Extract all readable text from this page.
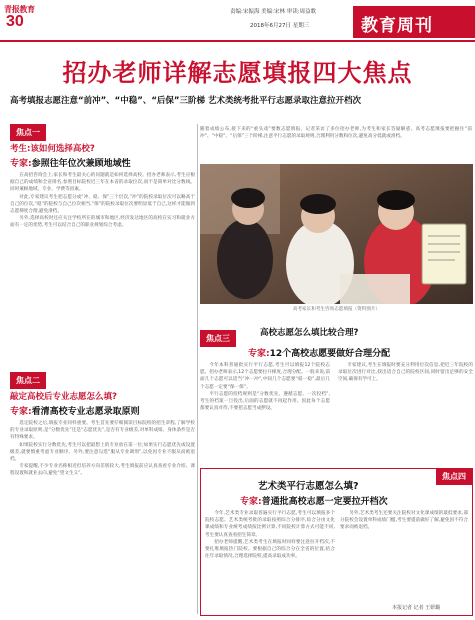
青报教育
30
责编:宋振海 美编:宋林 审读:周益歌
2018年6月27日 星期三	教育周刊
招办老师详解志愿填报四大焦点
高考填报志愿注意“前冲”、“中稳”、“后保”三阶梯 艺术类统考批平行志愿录取注意拉开档次
焦点一
考生:该如何选择高校?
专家:参照往年位次兼顾地域性

在高招咨询会上,家长和考生最关心的问题就是如何选择高校。招办老师表示,考生应根据自己的成绩和全省排名,参照目标院校近三年在本省的录取位次,而不是简单对比分数线。同时兼顾地域、专业、学费等因素。

对此,专家建议考生把志愿分成“冲、稳、保”三个层次,“冲”的院校录取位次可以略高于自己的位次,“稳”的院校与自己位次相当,“保”的院校录取位次要明显低于自己,这样才能做到志愿梯度合理,避免滑档。

另外,选择高校时还应关注学校所在的城市和地区,经济发达地区的高校在实习和就业方面有一定的优势,考生可以结合自己的职业规划综合考虑。

随着成绩公布,接下来的“重头戏”要数志愿填报。记者采访了多位招办老师,为考生和家长答疑解惑。高考志愿填报要把握住“前冲”、“中稳”、“后保”三个阶梯,注意平行志愿的录取规则,合理利用分数和位次,避免高分低就或滑档。
高考家长和考生咨询志愿填报（资料图片）
焦点二
敲定高校后专业志愿怎么填?
专家:看清高校专业志愿录取原则

选定院校之后,填报专业同样重要。考生首先要仔细阅读目标院校的招生章程,了解学校的专业录取原则,是“分数优先”还是“志愿优先”,是否有专业级差,对单科成绩、身体条件是否有特殊要求。

如果院校实行分数优先,考生可以把最想上的专业放在第一位;如果实行志愿优先或设置级差,就要慎重考虑专业顺序。另外,要注意勾选“服从专业调剂”,以免因专业不服从而被退档。

专家提醒,不少专业名称相近但培养方向差别较大,考生填报前应认真查看专业介绍、课程设置和就业去向,避免“望文生义”。

焦点三
高校志愿怎么填比较合理?
专家:12个高校志愿要做好合理分配

今年本科普通批实行平行志愿,考生可以填报12个院校志愿。招办老师表示,12个志愿要拉开梯度,合理分配。一般来说,前面几个志愿可以适当“冲一冲”,中间几个志愿要“稳一稳”,最后几个志愿一定要“保一保”。

平行志愿的投档规则是“分数优先、遵循志愿、一次投档”,考生的档案一旦投出,后面的志愿就不再起作用。因此每个志愿都要认真对待,不要把志愿当成摆设。

专家建议,考生在填报时要充分利用位次信息,把近三年院校的录取位次进行对比,找出适合自己的院校区间,同时留出足够的安全空间,确保有学可上。

焦点四
艺术类平行志愿怎么填?
专家:普通批高校志愿一定要拉开档次

今年,艺术类专业录取普遍实行平行志愿,考生可以填报多个院校志愿。艺术类统考批的录取按照综合分排序,综合分由文化课成绩和专业统考成绩按比例计算,不同院校计算方式可能不同,考生要认真查看招生简章。

招办老师提醒,艺术类考生在填报时同样要注意拉开档次,不要扎堆填报热门院校。要根据自己的综合分在全省的位置,结合往年录取情况,合理选择院校,提高录取成功率。

另外,艺术类考生还要关注院校对文化课成绩的最低要求,部分院校会设置单科成绩门槛,考生要提前做好了解,避免因不符合要求而被退档。

本报记者 记者 王妍璐
